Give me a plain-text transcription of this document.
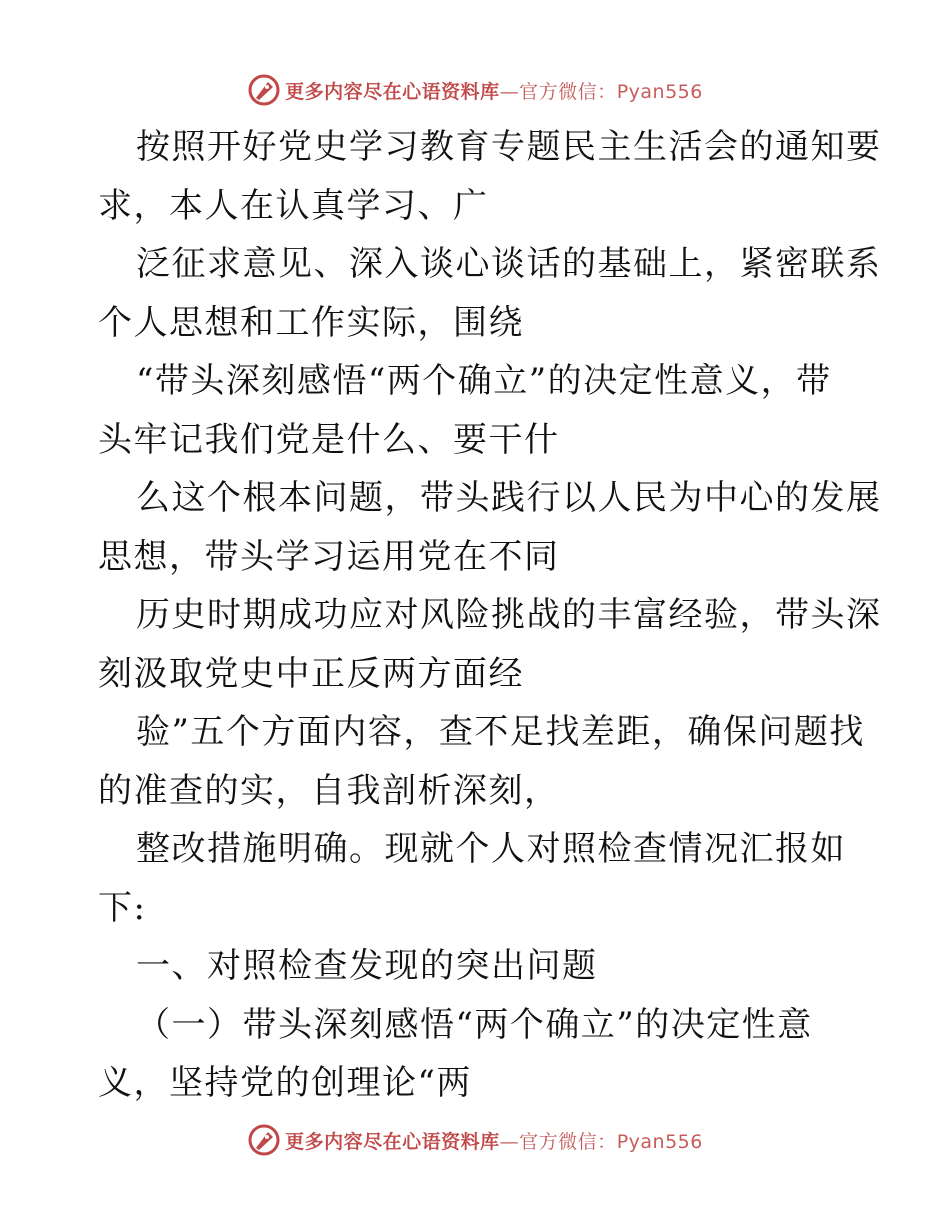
更多内容尽在心语资料库—官方微信：Pyan556
按照开好党史学习教育专题民主生活会的通知要
求，本人在认真学习、广
泛征求意见、深入谈心谈话的基础上，紧密联系
个人思想和工作实际，围绕
“带头深刻感悟“两个确立”的决定性意义，带
头牢记我们党是什么、要干什
么这个根本问题，带头践行以人民为中心的发展
思想，带头学习运用党在不同
历史时期成功应对风险挑战的丰富经验，带头深
刻汲取党史中正反两方面经
验”五个方面内容，查不足找差距，确保问题找
的准查的实，自我剖析深刻，
整改措施明确。现就个人对照检查情况汇报如
下:
一、对照检查发现的突出问题
（一）带头深刻感悟“两个确立”的决定性意
义，坚持党的创理论“两
更多内容尽在心语资料库—官方微信：Pyan556
